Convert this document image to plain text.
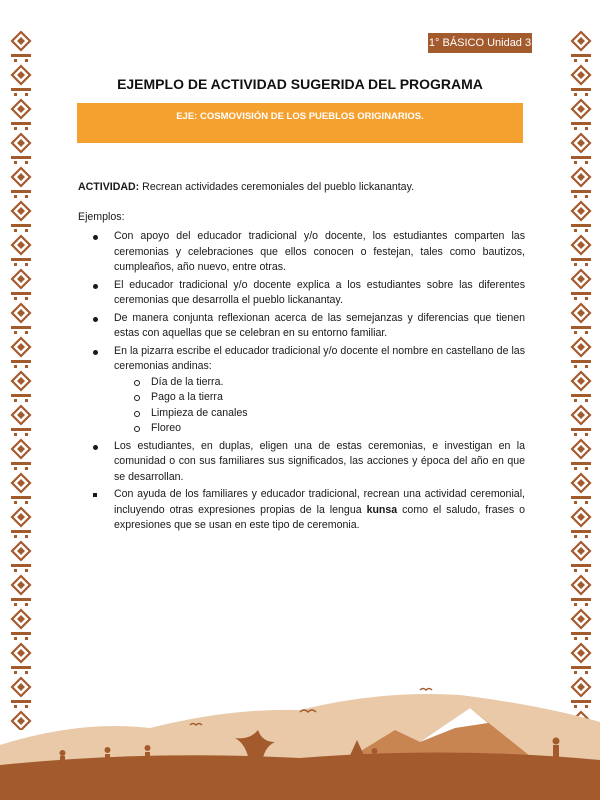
1° BÁSICO Unidad 3
EJEMPLO DE ACTIVIDAD SUGERIDA DEL PROGRAMA
EJE: COSMOVISIÓN DE LOS PUEBLOS ORIGINARIOS.

ACTIVIDAD: Recrean actividades ceremoniales del pueblo lickanantay.

Ejemplos:

Con apoyo del educador tradicional y/o docente, los estudiantes comparten las ceremonias y celebraciones que ellos conocen o festejan, tales como bautizos, cumpleaños, año nuevo, entre otras.
El educador tradicional y/o docente explica a los estudiantes sobre las diferentes ceremonias que desarrolla el pueblo lickanantay.
De manera conjunta reflexionan acerca de las semejanzas y diferencias que tienen estas con aquellas que se celebran en su entorno familiar.
En la pizarra escribe el educador tradicional y/o docente el nombre en castellano de las ceremonias andinas:
Día de la tierra.
Pago a la tierra
Limpieza de canales
Floreo
Los estudiantes, en duplas, eligen una de estas ceremonias, e investigan en la comunidad o con sus familiares sus significados, las acciones y época del año en que se desarrollan.
Con ayuda de los familiares y educador tradicional, recrean una actividad ceremonial, incluyendo otras expresiones propias de la lengua kunsa como el saludo, frases o expresiones que se usan en este tipo de ceremonia.
